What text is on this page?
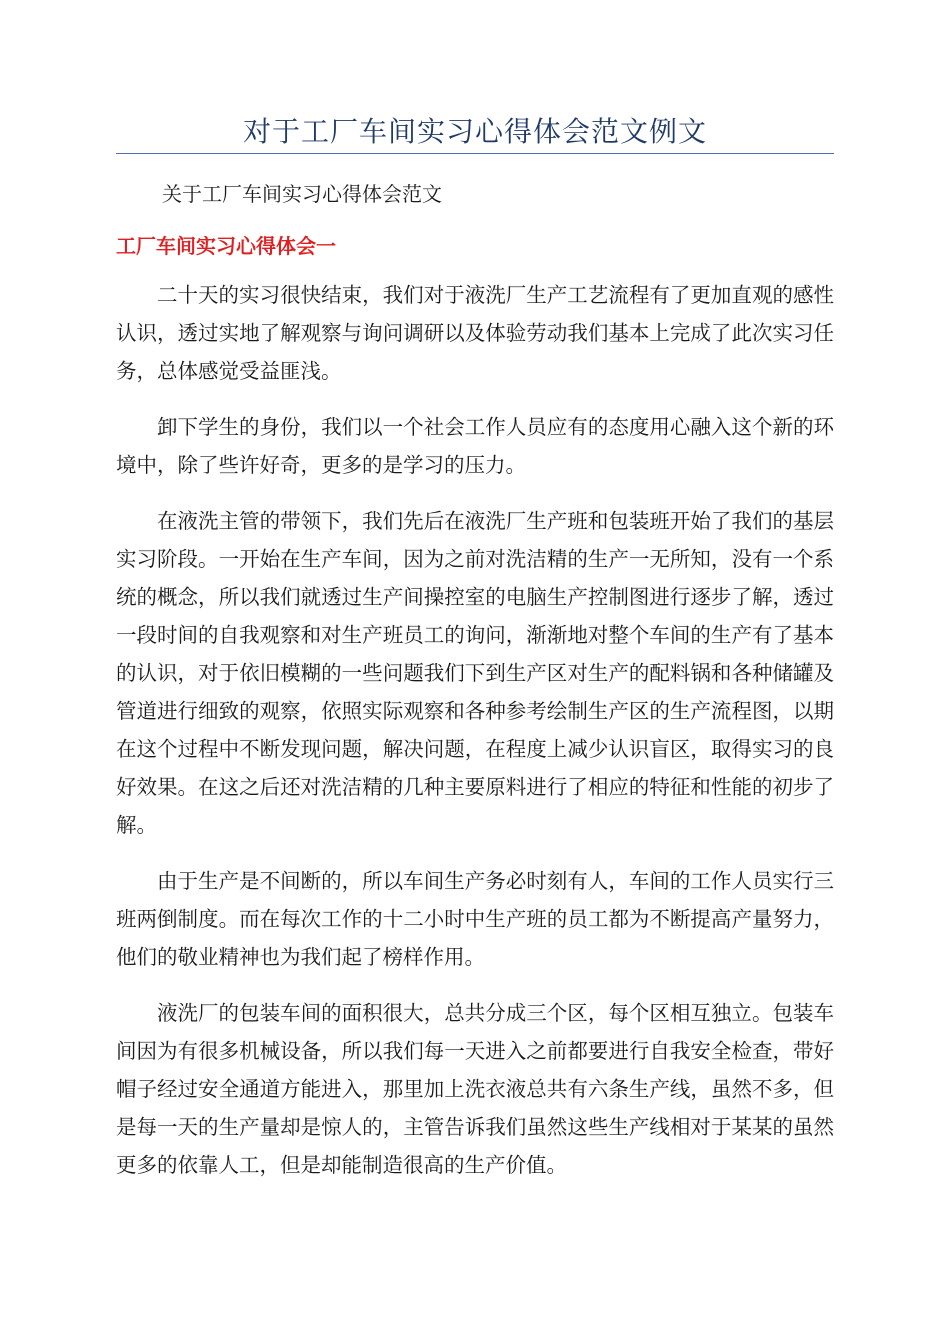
对于工厂车间实习心得体会范文例文

关于工厂车间实习心得体会范文

工厂车间实习心得体会一

二十天的实习很快结束，我们对于液洗厂生产工艺流程有了更加直观的感性认识，透过实地了解观察与询问调研以及体验劳动我们基本上完成了此次实习任务，总体感觉受益匪浅。

卸下学生的身份，我们以一个社会工作人员应有的态度用心融入这个新的环境中，除了些许好奇，更多的是学习的压力。

在液洗主管的带领下，我们先后在液洗厂生产班和包装班开始了我们的基层实习阶段。一开始在生产车间，因为之前对洗洁精的生产一无所知，没有一个系统的概念，所以我们就透过生产间操控室的电脑生产控制图进行逐步了解，透过一段时间的自我观察和对生产班员工的询问，渐渐地对整个车间的生产有了基本的认识，对于依旧模糊的一些问题我们下到生产区对生产的配料锅和各种储罐及管道进行细致的观察，依照实际观察和各种参考绘制生产区的生产流程图，以期在这个过程中不断发现问题，解决问题，在程度上减少认识盲区，取得实习的良好效果。在这之后还对洗洁精的几种主要原料进行了相应的特征和性能的初步了解。

由于生产是不间断的，所以车间生产务必时刻有人，车间的工作人员实行三班两倒制度。而在每次工作的十二小时中生产班的员工都为不断提高产量努力，他们的敬业精神也为我们起了榜样作用。

液洗厂的包装车间的面积很大，总共分成三个区，每个区相互独立。包装车间因为有很多机械设备，所以我们每一天进入之前都要进行自我安全检查，带好帽子经过安全通道方能进入，那里加上洗衣液总共有六条生产线，虽然不多，但是每一天的生产量却是惊人的，主管告诉我们虽然这些生产线相对于某某的虽然更多的依靠人工，但是却能制造很高的生产价值。
